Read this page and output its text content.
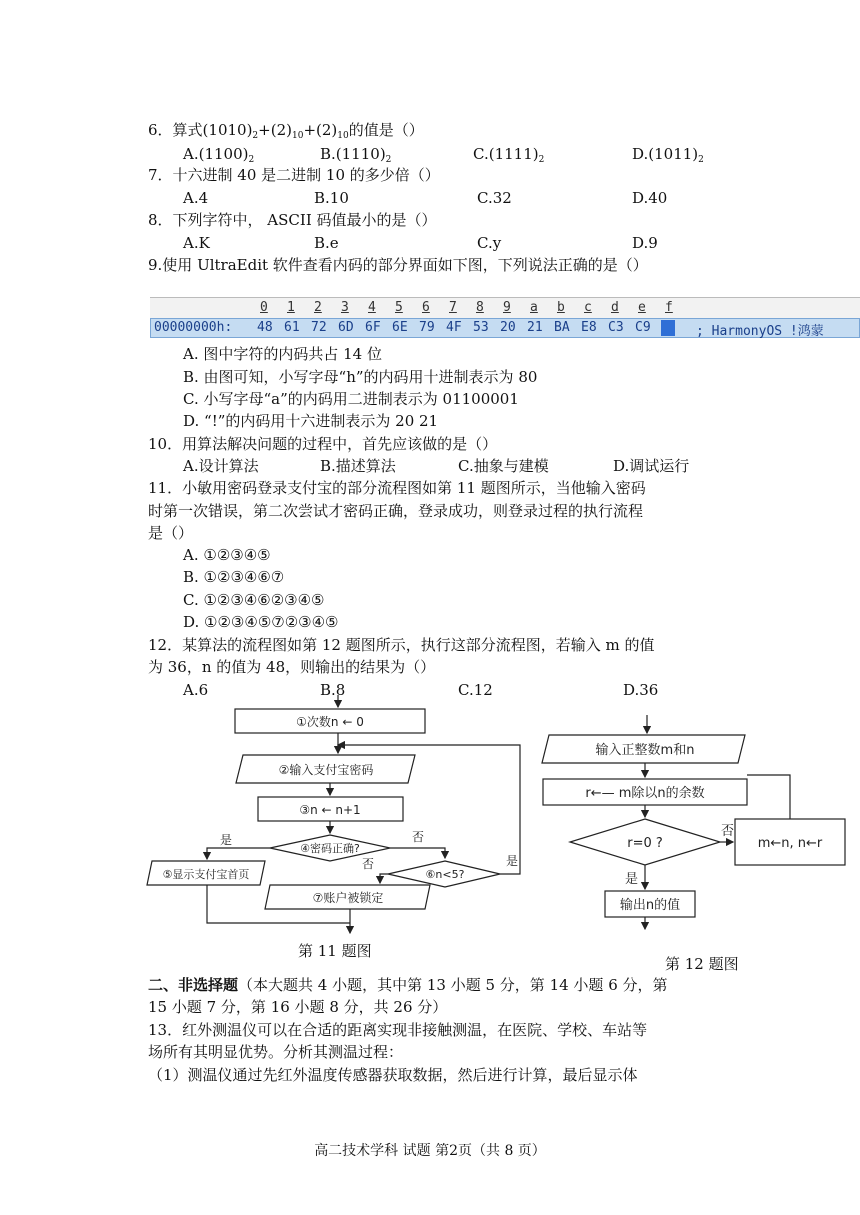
6．算式$(1010)_2+(2)_{10}+(2)_{10}$的值是（）
$A.(1100)_2$	$B.(1110)_2$	$C.(1111)_2$	$D.(1011)_2$
7．十六进制 40 是二进制 10 的多少倍（）
A.4	B.10	C.32	D.40
8．下列字符中， ASCII 码值最小的是（）
A.K	B.e	C.y	D.9
9.使用 UltraEdit 软件查看内码的部分界面如下图，下列说法正确的是（）
0 1 2 3 4 5 6 7 8 9 a b c d e f
00000000h: 48 61 72 6D 6F 6E 79 4F 53 20 21 BA E8 C3 C9	; HarmonyOS !鸿蒙
A. 图中字符的内码共占 14 位
B. 由图可知，小写字母“h”的内码用十进制表示为 80
C. 小写字母“a”的内码用二进制表示为 01100001
D. “!”的内码用十六进制表示为 20 21
10．用算法解决问题的过程中，首先应该做的是（）
A.设计算法	B.描述算法	C.抽象与建模	D.调试运行
11．小敏用密码登录支付宝的部分流程图如第 11 题图所示，当他输入密码
时第一次错误，第二次尝试才密码正确，登录成功，则登录过程的执行流程
是（）
A. ①②③④⑤
B. ①②③④⑥⑦
C. ①②③④⑥②③④⑤
D. ①②③④⑤⑦②③④⑤
12．某算法的流程图如第 12 题图所示，执行这部分流程图，若输入 m 的值
为 36，n 的值为 48，则输出的结果为（）
A.6	B.8	C.12	D.36
①次数n ← 0
②输入支付宝密码
③n ← n+1
④密码正确?
⑤显示支付宝首页	⑥n<5?
⑦账户被锁定
是	否
否	是
第 11 题图
输入正整数m和n
r←— m除以n的余数
r=0 ?	m←n, n←r
输出n的值
否
是
第 12 题图
二、非选择题（本大题共 4 小题，其中第 13 小题 5 分，第 14 小题 6 分，第
15 小题 7 分，第 16 小题 8 分，共 26 分）
13．红外测温仪可以在合适的距离实现非接触测温，在医院、学校、车站等
场所有其明显优势。分析其测温过程：
（1）测温仪通过先红外温度传感器获取数据，然后进行计算，最后显示体
高二技术学科 试题 第2页（共 8 页）
